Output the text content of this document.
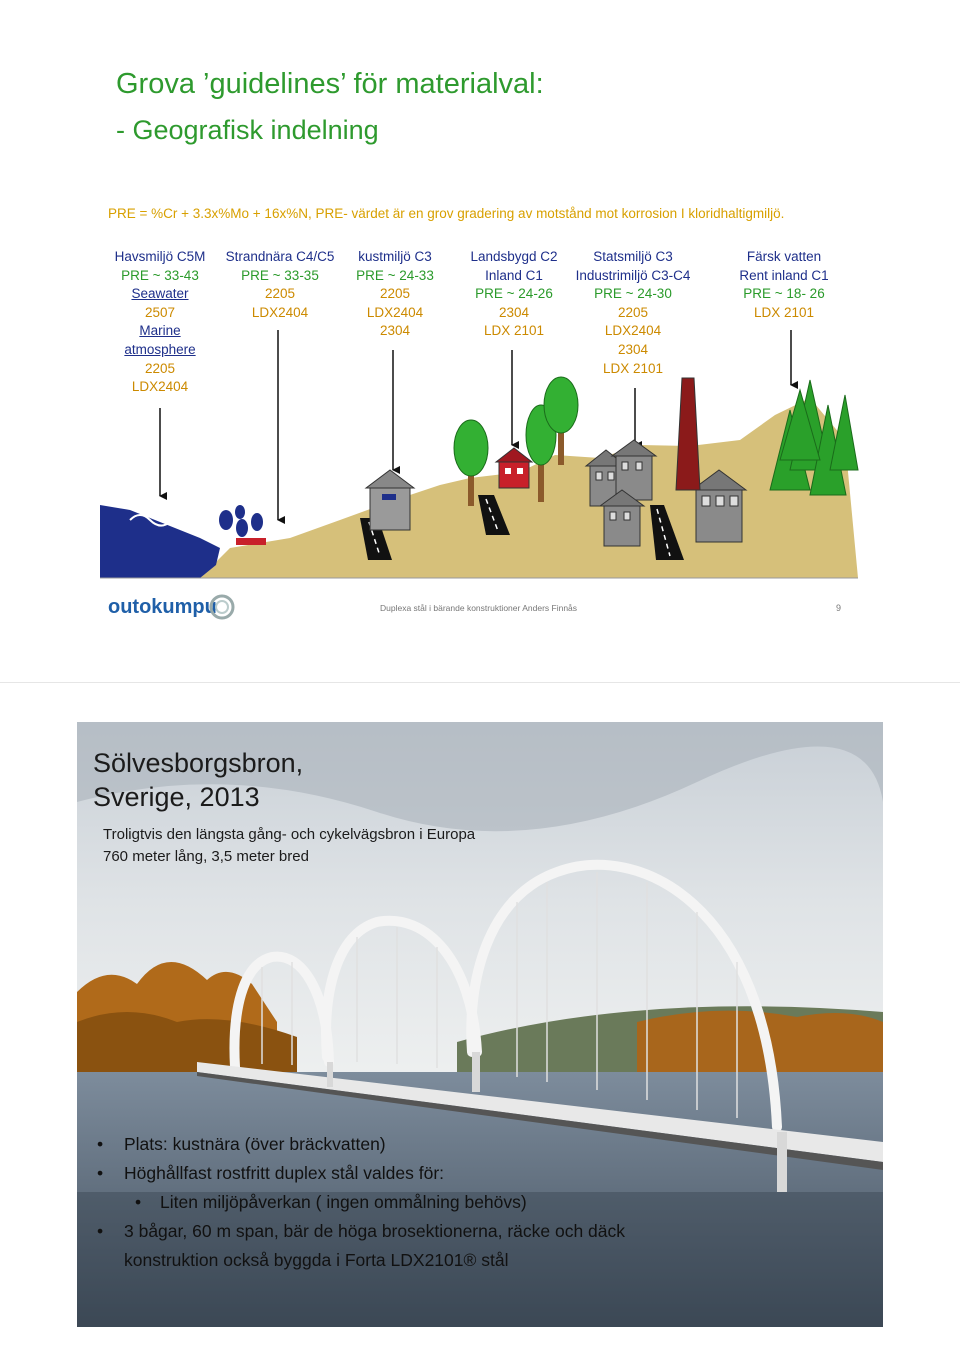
Grova ’guidelines’ för materialval:
- Geografisk indelning
PRE = %Cr + 3.3x%Mo + 16x%N, PRE- värdet är en grov gradering av motstånd mot korrosion I kloridhaltigmiljö.
Havsmiljö C5M
PRE ~ 33-43
Seawater
2507
Marine
atmosphere
2205
LDX2404
Strandnära C4/C5
PRE ~ 33-35
2205
LDX2404
kustmiljö C3
PRE ~ 24-33
2205
LDX2404
2304
Landsbygd C2
Inland C1
PRE ~ 24-26
2304
LDX 2101
Statsmiljö C3
Industrimiljö C3-C4
PRE ~ 24-30
2205
LDX2404
2304
LDX 2101
Färsk vatten
Rent inland C1
PRE ~ 18- 26
LDX 2101
outokumpu	Duplexa stål i bärande konstruktioner Anders Finnås	9
Sölvesborgsbron,
Sverige, 2013
Troligtvis den längsta gång- och cykelvägsbron i Europa
760 meter lång, 3,5 meter bred
• Plats: kustnära (över bräckvatten)
• Höghållfast rostfritt duplex stål valdes för:
• Liten miljöpåverkan ( ingen ommålning behövs)
• 3 bågar, 60 m span, bär de höga brosektionerna, räcke och däck
konstruktion också byggda i Forta LDX2101® stål
